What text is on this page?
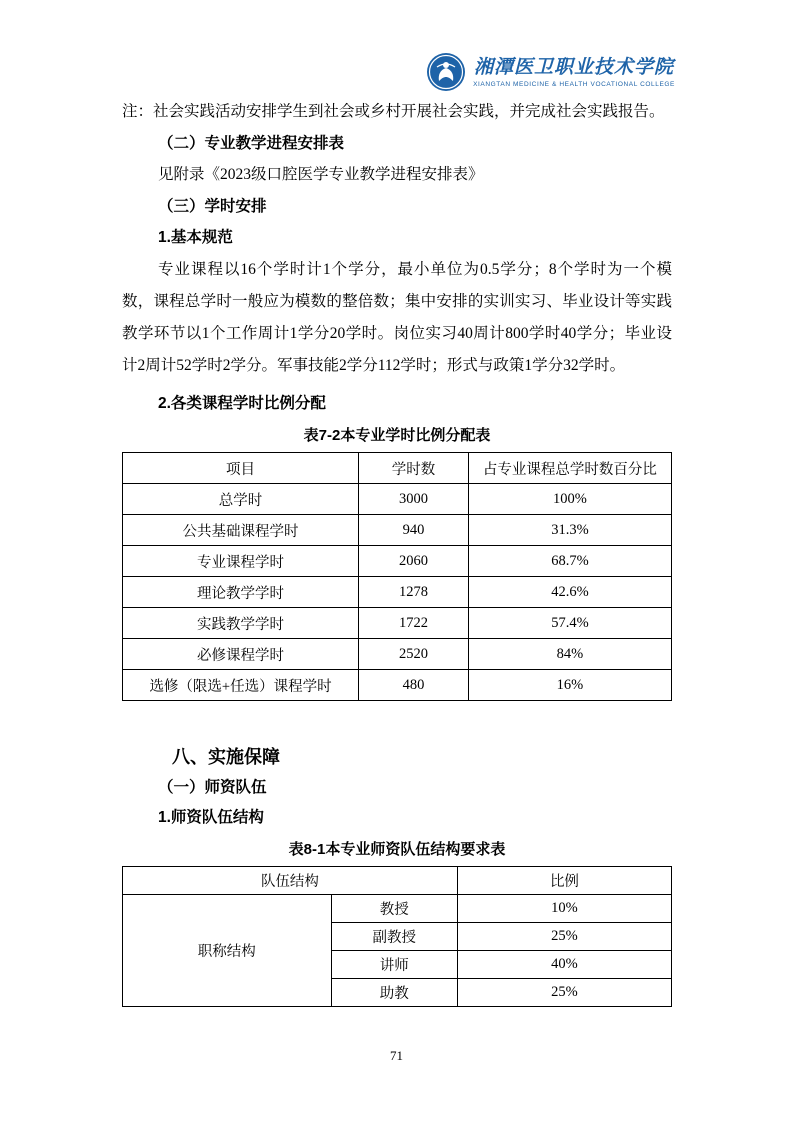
湘潭医卫职业技术学院
XIANGTAN MEDICINE & HEALTH VOCATIONAL COLLEGE

注：社会实践活动安排学生到社会或乡村开展社会实践，并完成社会实践报告。

（二）专业教学进程安排表

见附录《2023级口腔医学专业教学进程安排表》

（三）学时安排
1.基本规范

专业课程以16个学时计1个学分，最小单位为0.5学分；8个学时为一个模数，课程总学时一般应为模数的整倍数；集中安排的实训实习、毕业设计等实践教学环节以1个工作周计1学分20学时。岗位实习40周计800学时40学分；毕业设计2周计52学时2学分。军事技能2学分112学时；形式与政策1学分32学时。

2.各类课程学时比例分配
表7-2本专业学时比例分配表
项目	学时数	占专业课程总学时数百分比
总学时	3000	100%
公共基础课程学时	940	31.3%
专业课程学时	2060	68.7%
理论教学学时	1278	42.6%
实践教学学时	1722	57.4%
必修课程学时	2520	84%
选修（限选+任选）课程学时	480	16%
八、实施保障
（一）师资队伍
1.师资队伍结构
表8-1本专业师资队伍结构要求表
队伍结构		比例
职称结构	教授	10%
	副教授	25%
	讲师	40%
	助教	25%
71
